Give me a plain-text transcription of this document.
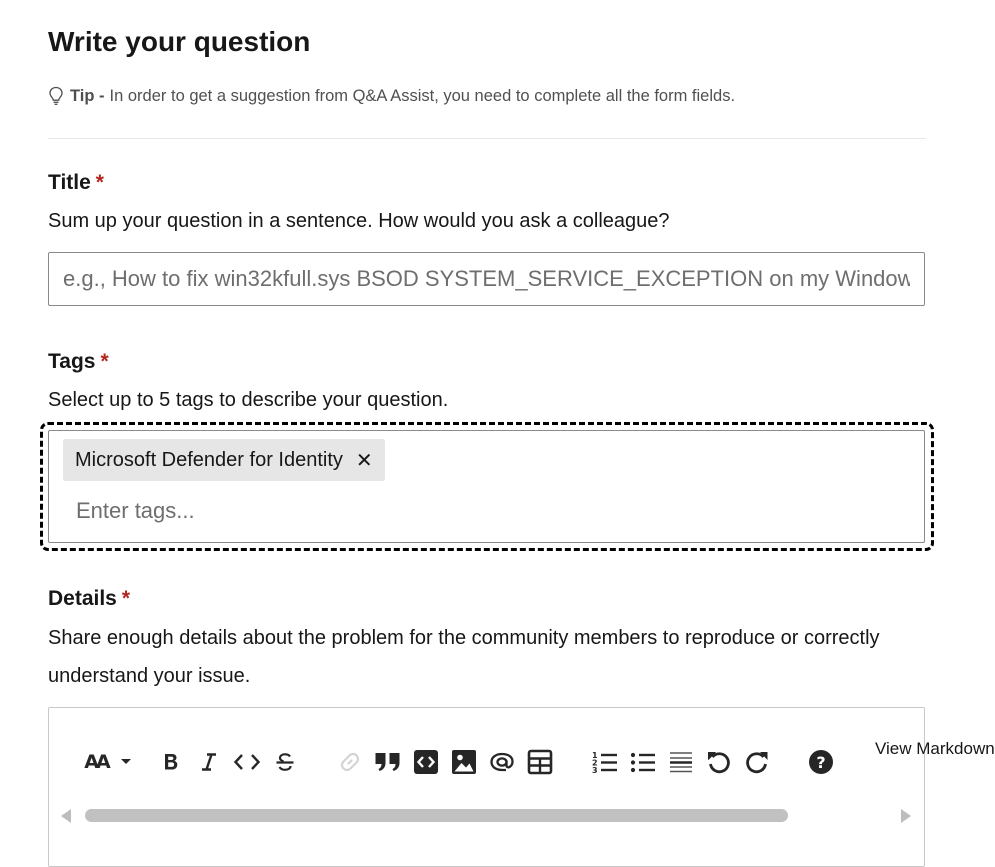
Write your question
Tip - In order to get a suggestion from Q&A Assist, you need to complete all the form fields.
Title *
Sum up your question in a sentence. How would you ask a colleague?
e.g., How to fix win32kfull.sys BSOD SYSTEM_SERVICE_EXCEPTION on my Windows
Tags *
Select up to 5 tags to describe your question.
Microsoft Defender for Identity ✕
Enter tags...
Details *
Share enough details about the problem for the community members to reproduce or correctly understand your issue.
AA	1
2
3	?
View Markdown
